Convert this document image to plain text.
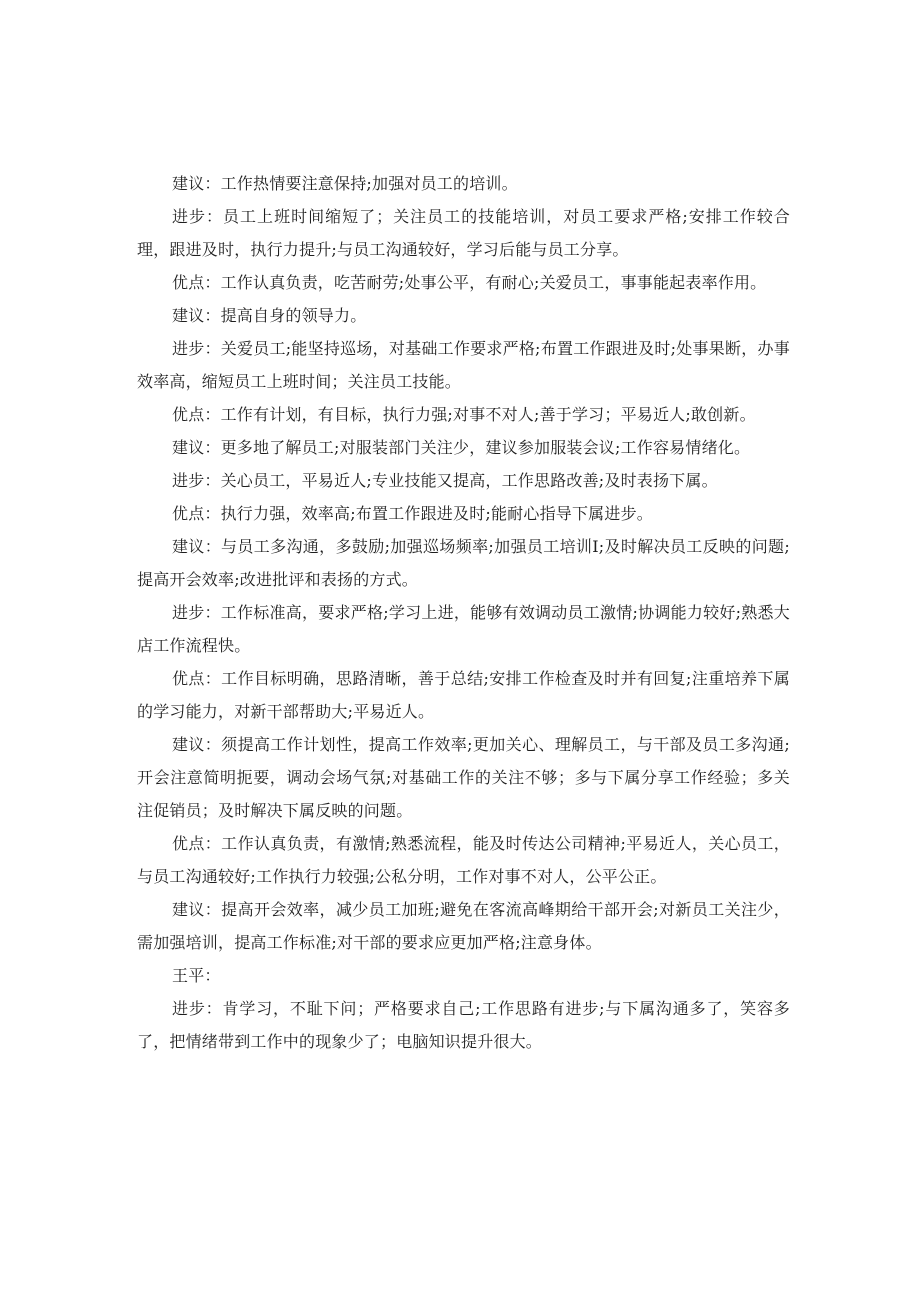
建议：工作热情要注意保持;加强对员工的培训。

进步：员工上班时间缩短了；关注员工的技能培训，对员工要求严格;安排工作较合理，跟进及时，执行力提升;与员工沟通较好，学习后能与员工分享。

优点：工作认真负责，吃苦耐劳;处事公平，有耐心;关爱员工，事事能起表率作用。

建议：提高自身的领导力。

进步：关爱员工;能坚持巡场，对基础工作要求严格;布置工作跟进及时;处事果断，办事效率高，缩短员工上班时间；关注员工技能。

优点：工作有计划，有目标，执行力强;对事不对人;善于学习；平易近人;敢创新。

建议：更多地了解员工;对服装部门关注少，建议参加服装会议;工作容易情绪化。

进步：关心员工，平易近人;专业技能又提高，工作思路改善;及时表扬下属。

优点：执行力强，效率高;布置工作跟进及时;能耐心指导下属进步。

建议：与员工多沟通，多鼓励;加强巡场频率;加强员工培训I;及时解决员工反映的问题;提高开会效率;改进批评和表扬的方式。

进步：工作标准高，要求严格;学习上进，能够有效调动员工激情;协调能力较好;熟悉大店工作流程快。

优点：工作目标明确，思路清晰，善于总结;安排工作检查及时并有回复;注重培养下属的学习能力，对新干部帮助大;平易近人。

建议：须提高工作计划性，提高工作效率;更加关心、理解员工，与干部及员工多沟通;开会注意简明扼要，调动会场气氛;对基础工作的关注不够；多与下属分享工作经验；多关注促销员；及时解决下属反映的问题。

优点：工作认真负责，有激情;熟悉流程，能及时传达公司精神;平易近人，关心员工，与员工沟通较好;工作执行力较强;公私分明，工作对事不对人，公平公正。

建议：提高开会效率，减少员工加班;避免在客流高峰期给干部开会;对新员工关注少，需加强培训，提高工作标准;对干部的要求应更加严格;注意身体。

王平：

进步：肯学习，不耻下问；严格要求自己;工作思路有进步;与下属沟通多了，笑容多了，把情绪带到工作中的现象少了；电脑知识提升很大。
